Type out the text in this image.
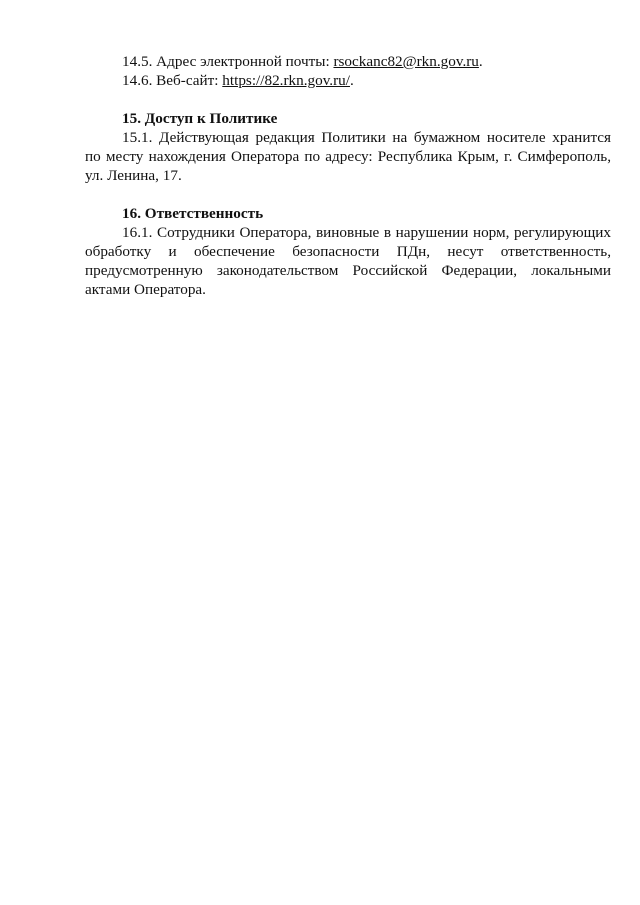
14.5. Адрес электронной почты: rsockanc82@rkn.gov.ru.
14.6. Веб-сайт: https://82.rkn.gov.ru/.
15. Доступ к Политике
15.1. Действующая редакция Политики на бумажном носителе хранится
по месту нахождения Оператора по адресу: Республика Крым, г. Симферополь,
ул. Ленина, 17.
16. Ответственность
16.1. Сотрудники Оператора, виновные в нарушении норм, регулирующих
обработку и обеспечение безопасности ПДн, несут ответственность,
предусмотренную законодательством Российской Федерации, локальными
актами Оператора.
